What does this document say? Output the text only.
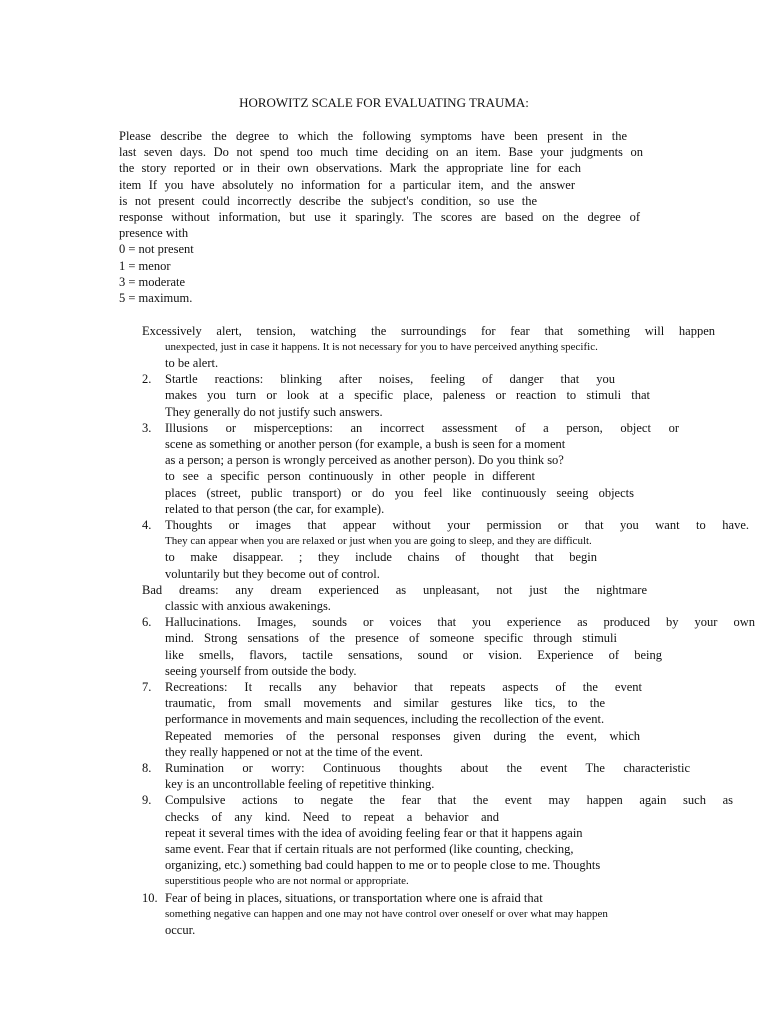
HOROWITZ SCALE FOR EVALUATING TRAUMA:
Please describe the degree to which the following symptoms have been present in the
last seven days. Do not spend too much time deciding on an item. Base your judgments on
the story reported or in their own observations. Mark the appropriate line for each
item If you have absolutely no information for a particular item, and the answer
is not present could incorrectly describe the subject's condition, so use the
response without information, but use it sparingly. The scores are based on the degree of
presence with
0 = not present
1 = menor
3 = moderate
5 = maximum.
Excessively alert, tension, watching the surroundings for fear that something will happen
unexpected, just in case it happens. It is not necessary for you to have perceived anything specific.
to be alert.
2.	Startle reactions: blinking after noises, feeling of danger that you
makes you turn or look at a specific place, paleness or reaction to stimuli that
They generally do not justify such answers.
3.	Illusions or misperceptions: an incorrect assessment of a person, object or
scene as something or another person (for example, a bush is seen for a moment
as a person; a person is wrongly perceived as another person). Do you think so?
to see a specific person continuously in other people in different
places (street, public transport) or do you feel like continuously seeing objects
related to that person (the car, for example).
4.	Thoughts or images that appear without your permission or that you want to have.
They can appear when you are relaxed or just when you are going to sleep, and they are difficult.
to make disappear. ; they include chains of thought that begin
voluntarily but they become out of control.
Bad dreams: any dream experienced as unpleasant, not just the nightmare
classic with anxious awakenings.
6.	Hallucinations. Images, sounds or voices that you experience as produced by your own
mind. Strong sensations of the presence of someone specific through stimuli
like smells, flavors, tactile sensations, sound or vision. Experience of being
seeing yourself from outside the body.
7.	Recreations: It recalls any behavior that repeats aspects of the event
traumatic, from small movements and similar gestures like tics, to the
performance in movements and main sequences, including the recollection of the event.
Repeated memories of the personal responses given during the event, which
they really happened or not at the time of the event.
8.	Rumination or worry: Continuous thoughts about the event The characteristic
key is an uncontrollable feeling of repetitive thinking.
9.	Compulsive actions to negate the fear that the event may happen again such as
checks of any kind. Need to repeat a behavior and
repeat it several times with the idea of avoiding feeling fear or that it happens again
same event. Fear that if certain rituals are not performed (like counting, checking,
organizing, etc.) something bad could happen to me or to people close to me. Thoughts
superstitious people who are not normal or appropriate.
10. Fear of being in places, situations, or transportation where one is afraid that
something negative can happen and one may not have control over oneself or over what may happen
occur.
